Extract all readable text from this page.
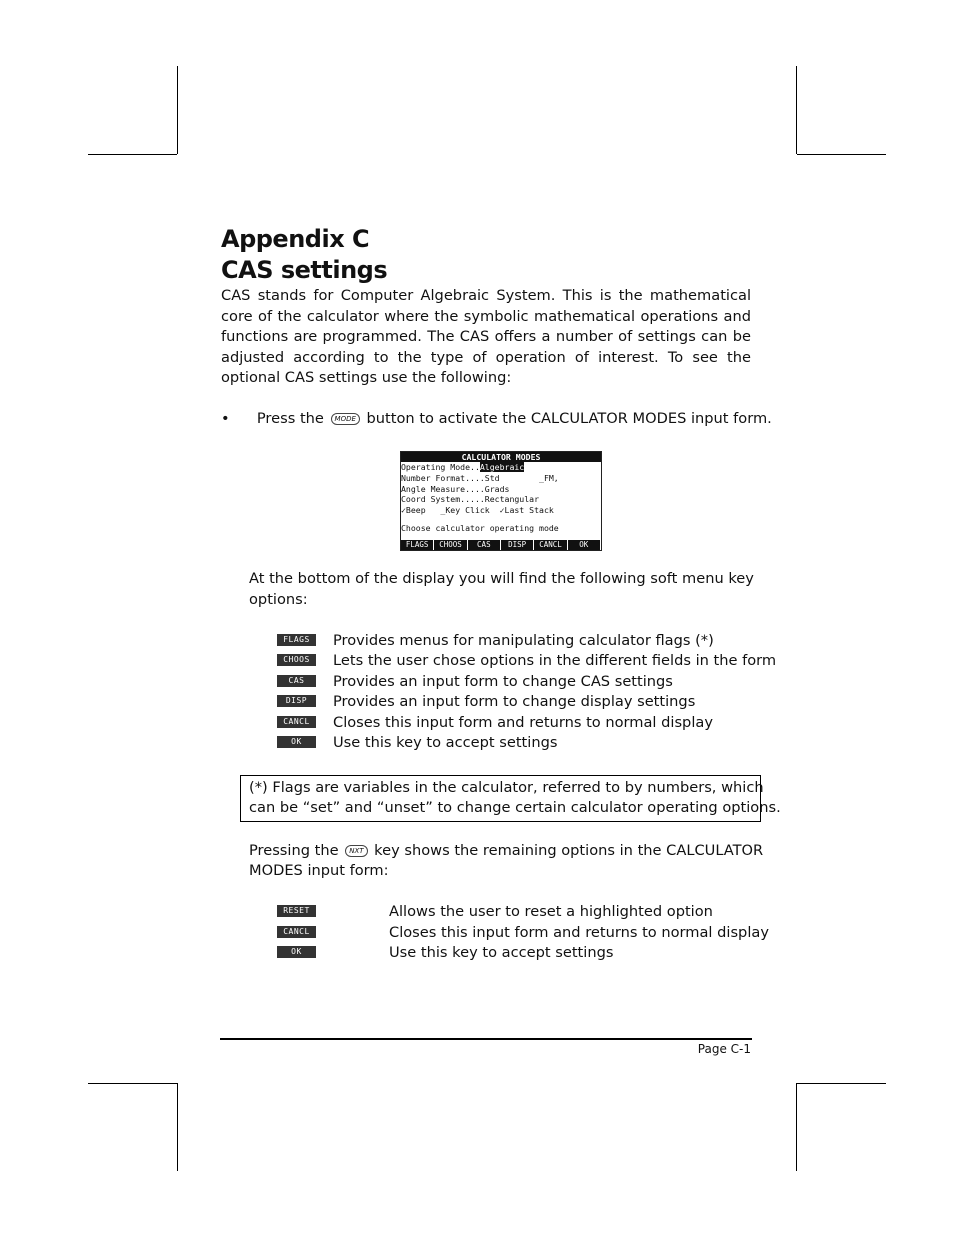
Appendix C
CAS settings
CAS stands for Computer Algebraic System. This is the mathematical core of the calculator where the symbolic mathematical operations and functions are programmed. The CAS offers a number of settings can be adjusted according to the type of operation of interest. To see the optional CAS settings use the following:
• Press the MODE button to activate the CALCULATOR MODES input form.
CALCULATOR MODES
Operating Mode..Algebraic
Number Format....Std        _FM,
Angle Measure....Grads
Coord System.....Rectangular
✓Beep   _Key Click  ✓Last Stack
Choose calculator operating mode
FLAGS	CHOOS	CAS	DISP	CANCL	OK
At the bottom of the display you will find the following soft menu key
options:
FLAGS	Provides menus for manipulating calculator flags (*)
CHOOS	Lets the user chose options in the different fields in the form
CAS	Provides an input form to change CAS settings
DISP	Provides an input form to change display settings
CANCL	Closes this input form and returns to normal display
OK	Use this key to accept settings
(*) Flags are variables in the calculator, referred to by numbers, which
can be “set” and “unset” to change certain calculator operating options.
Pressing the NXT key shows the remaining options in the CALCULATOR
MODES input form:
RESET	Allows the user to reset a highlighted option
CANCL	Closes this input form and returns to normal display
OK	Use this key to accept settings
Page C-1
